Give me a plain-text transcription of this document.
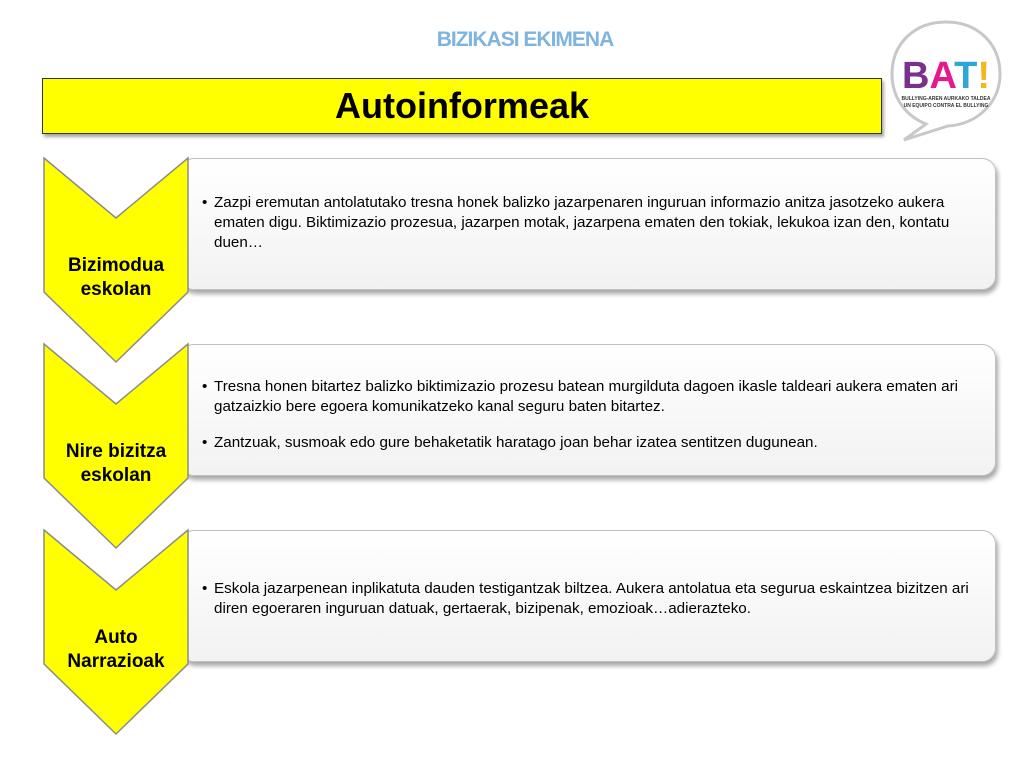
BIZIKASI EKIMENA
Autoinformeak
BAT!
BULLYING-AREN AURKAKO TALDEA
UN EQUIPO CONTRA EL BULLYING
• Zazpi eremutan antolatutako tresna honek balizko jazarpenaren inguruan informazio anitza jasotzeko aukera ematen digu. Biktimizazio prozesua, jazarpen motak, jazarpena ematen den tokiak, lekukoa izan den, kontatu duen…
• Tresna honen bitartez balizko biktimizazio prozesu batean murgilduta dagoen ikasle taldeari aukera ematen ari gatzaizkio bere egoera komunikatzeko kanal seguru baten bitartez.
• Zantzuak, susmoak edo gure behaketatik haratago joan behar izatea sentitzen dugunean.
• Eskola jazarpenean inplikatuta dauden testigantzak biltzea. Aukera antolatua eta segurua eskaintzea bizitzen ari diren egoeraren inguruan datuak, gertaerak, bizipenak, emozioak…adierazteko.
Bizimodua eskolan
Nire bizitza eskolan
Auto Narrazioak
